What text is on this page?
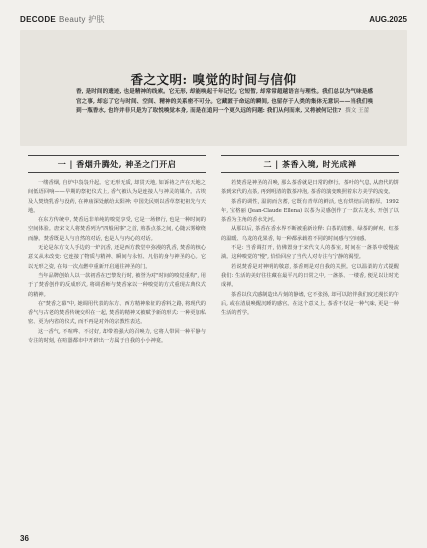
DECODE Beauty 护肤	AUG.2025
香之文明: 嗅觉的时间与信仰
香, 是时间的遗迹, 也是精神的线索。它无形, 却能唤起千年记忆; 它短暂, 却常常超越语言与理性。我们总以为气味是感官之事, 却忘了它与时间、空间、精神的关系密不可分。它藏匿于命运的瞬间, 也留存于人类的集体无意识——当我们嗅到一瓶香水, 也许并非只是为了取悦嗅觉本身, 而是在追问一个更久远的问题: 我们从何而来, 又将被何记住? 撰文 王蕾
一 | 香烟升腾处, 神圣之门开启

一缕香烟, 自炉中袅袅升起。它无形无质, 却贯天地, 如诉祷之声在天地之间低语回响——早期的祭祀仪式上, 香气被认为是连接人与神灵的媒介。古埃及人焚烧乳香与没药, 在神庙深处献给太阳神; 中国先民则以香草祭祀祖先与天地。

在东方传统中, 焚香远非单纯的嗅觉享受, 它是一场修行, 也是一种时间的空间体验。唐宋文人将焚香列为"四般闲事"之首, 煎茶点茶之间, 心随云雾缭绕而静。焚香既是人与自然的对话, 也是人与内心的对话。

无论是东方文人手边的一炉沉香, 还是西方教堂中弥漫的乳香, 焚香的核心意义从未改变: 它连接了物质与精神、瞬间与永恒、凡俗的身与神圣的心。它以无形之姿, 在每一次点燃中重新开启通往神圣的门。

当年品牌创始人以一款初香在巴黎发行时, 被誉为对"时间的嗅觉重构", 用于了焚香创作的反成形式, 将调香师与焚香家以一种嗅觉的方式重现古典仪式的精神。

在"焚香之幕"中, 她调用代表的东方、西方精神象征的香料之路, 将现代的香气与古老的焚香传统交织在一起, 焚香的精神又被赋予新的形式: 一种更加私密、更为内省的仪式, 而不再是对外的宗教性表达。

这一香气, 不喧哗、不讨好, 却带着强大的召唤力, 它将人带回一种平静与专注的时刻, 在喧嚣都市中开辟出一方属于自我的小小神龛。

二 | 茶香入境, 时光成禅

若焚香是神圣的召唤, 那么茶香就是日常的修行。茶叶的气息, 从唐代的饼茶到宋代的点茶, 再到明清的散茶冲泡, 茶香的演变映照着东方美学的流变。

茶香的调性, 温润而含蓄, 它既有青草的鲜活, 也有烘焙后的醇厚。1992年, 宝格丽 (Jean-Claude Ellena) 以茶为灵感创作了一款古龙水, 开创了以茶香为主角的香水先河。

从那以后, 茶香在香水界不断被重新诠释: 白茶的清雅、绿茶的鲜爽、红茶的温暖、乌龙的花果香, 每一种都承载着不同的时间感与空间感。

不是: 当香调打开, 仿佛置身于宋代文人的茶室, 时间在一盏茶中缓慢流淌。这种嗅觉的"慢", 恰恰回应了当代人对专注与宁静的渴望。

若说焚香是对神明的敬意, 茶香则是对自我的关照。它以温柔的方式提醒我们: 生活的美好往往藏在最平凡的日常之中, 一盏茶、一缕香, 便足以让时光成禅。

茶香以仪式感制造出片刻的静谧, 它不张扬, 却可以陪伴我们度过漫长的午后, 或在清晨唤醒沉睡的感官。在这个意义上, 茶香不仅是一种气味, 更是一种生活的哲学。

36
